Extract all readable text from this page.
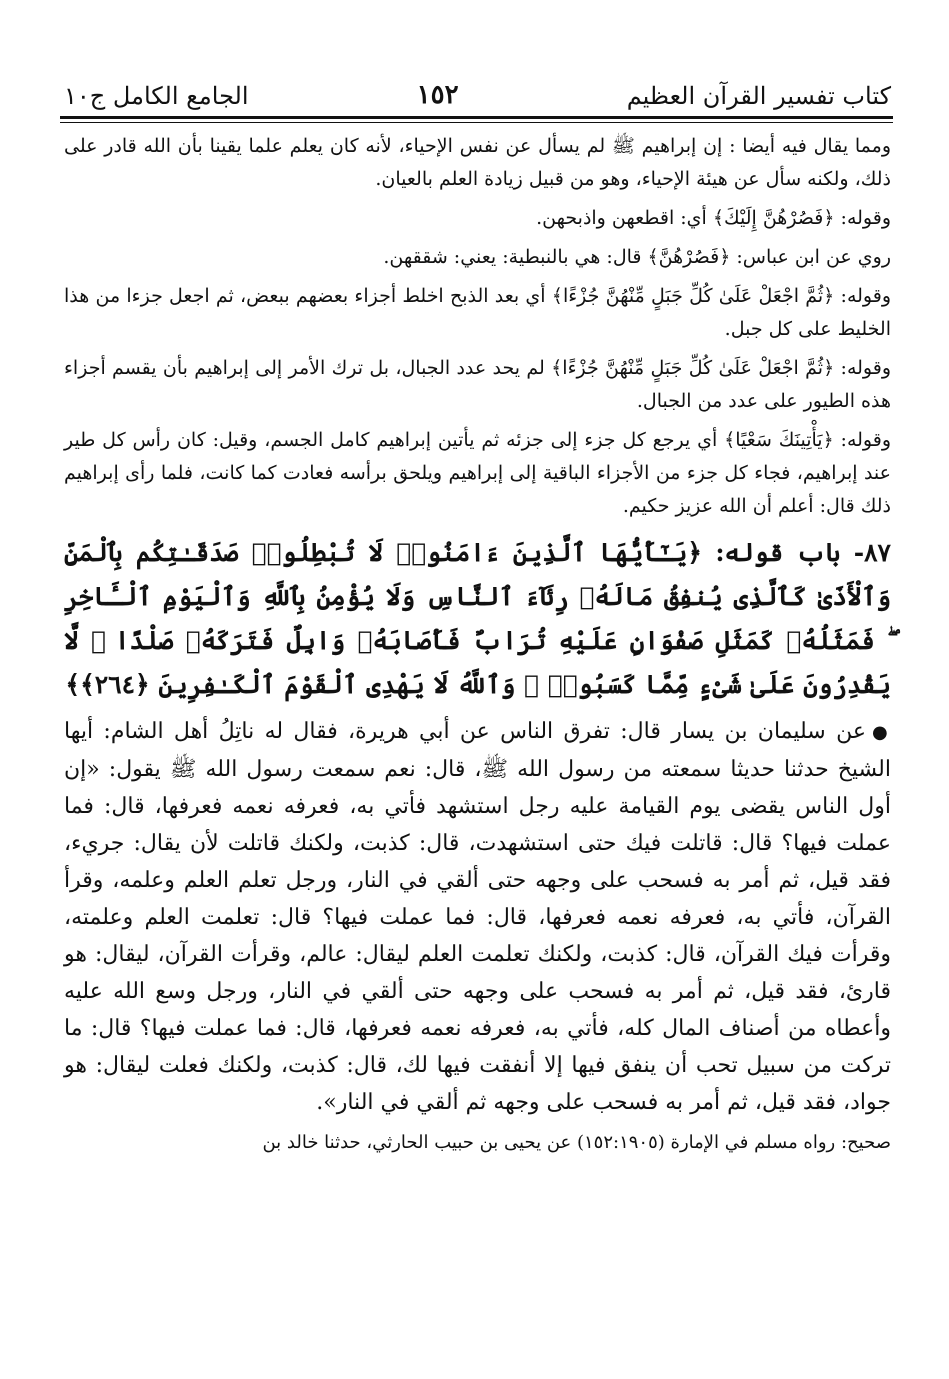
كتاب تفسير القرآن العظيم
١٥٢
الجامع الكامل ج١٠

ومما يقال فيه أيضا : إن إبراهيم ﷺ لم يسأل عن نفس الإحياء، لأنه كان يعلم علما يقينا بأن الله قادر على ذلك، ولكنه سأل عن هيئة الإحياء، وهو من قبيل زيادة العلم بالعيان.

وقوله: ﴿فَصُرْهُنَّ إِلَيْكَ﴾ أي: اقطعهن واذبحهن.

روي عن ابن عباس: ﴿فَصُرْهُنَّ﴾ قال: هي بالنبطية: يعني: شققهن.

وقوله: ﴿ثُمَّ اجْعَلْ عَلَىٰ كُلِّ جَبَلٍ مِّنْهُنَّ جُزْءًا﴾ أي بعد الذبح اخلط أجزاء بعضهم ببعض، ثم اجعل جزءا من هذا الخليط على كل جبل.

وقوله: ﴿ثُمَّ اجْعَلْ عَلَىٰ كُلِّ جَبَلٍ مِّنْهُنَّ جُزْءًا﴾ لم يحد عدد الجبال، بل ترك الأمر إلى إبراهيم بأن يقسم أجزاء هذه الطيور على عدد من الجبال.

وقوله: ﴿يَأْتِينَكَ سَعْيًا﴾ أي يرجع كل جزء إلى جزئه ثم يأتين إبراهيم كامل الجسم، وقيل: كان رأس كل طير عند إبراهيم، فجاء كل جزء من الأجزاء الباقية إلى إبراهيم ويلحق برأسه فعادت كما كانت، فلما رأى إبراهيم ذلك قال: أعلم أن الله عزيز حكيم.

٨٧- باب قوله: ﴿يَـٰٓأَيُّهَا ٱلَّذِينَ ءَامَنُوا۟ لَا تُبْطِلُوا۟ صَدَقَـٰتِكُم بِٱلْمَنِّ وَٱلْأَذَىٰ كَٱلَّذِى يُنفِقُ مَالَهُۥ رِئَآءَ ٱلنَّاسِ وَلَا يُؤْمِنُ بِٱللَّهِ وَٱلْيَوْمِ ٱلْـَٔاخِرِ ۖ فَمَثَلُهُۥ كَمَثَلِ صَفْوَانٍ عَلَيْهِ تُرَابٌ فَأَصَابَهُۥ وَابِلٌ فَتَرَكَهُۥ صَلْدًا ۖ لَّا يَقْدِرُونَ عَلَىٰ شَىْءٍ مِّمَّا كَسَبُوا۟ ۗ وَٱللَّهُ لَا يَهْدِى ٱلْقَوْمَ ٱلْكَـٰفِرِينَ ﴿٢٦٤﴾﴾

●عن سليمان بن يسار قال: تفرق الناس عن أبي هريرة، فقال له ناتِلُ أهل الشام: أيها الشيخ حدثنا حديثا سمعته من رسول الله ﷺ، قال: نعم سمعت رسول الله ﷺ يقول: «إن أول الناس يقضى يوم القيامة عليه رجل استشهد فأتي به، فعرفه نعمه فعرفها، قال: فما عملت فيها؟ قال: قاتلت فيك حتى استشهدت، قال: كذبت، ولكنك قاتلت لأن يقال: جريء، فقد قيل، ثم أمر به فسحب على وجهه حتى ألقي في النار، ورجل تعلم العلم وعلمه، وقرأ القرآن، فأتي به، فعرفه نعمه فعرفها، قال: فما عملت فيها؟ قال: تعلمت العلم وعلمته، وقرأت فيك القرآن، قال: كذبت، ولكنك تعلمت العلم ليقال: عالم، وقرأت القرآن، ليقال: هو قارئ، فقد قيل، ثم أمر به فسحب على وجهه حتى ألقي في النار، ورجل وسع الله عليه وأعطاه من أصناف المال كله، فأتي به، فعرفه نعمه فعرفها، قال: فما عملت فيها؟ قال: ما تركت من سبيل تحب أن ينفق فيها إلا أنفقت فيها لك، قال: كذبت، ولكنك فعلت ليقال: هو جواد، فقد قيل، ثم أمر به فسحب على وجهه ثم ألقي في النار».

صحيح: رواه مسلم في الإمارة (١٥٢:١٩٠٥) عن يحيى بن حبيب الحارثي، حدثنا خالد بن
